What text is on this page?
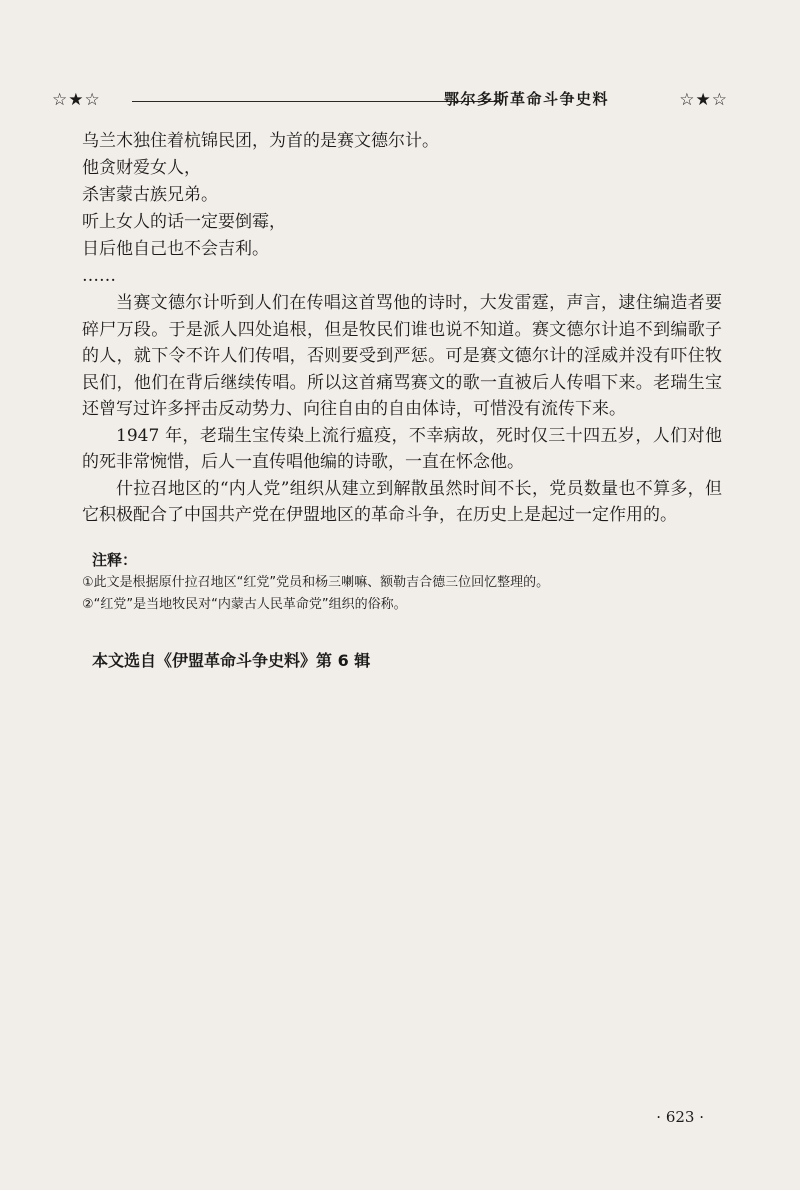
☆★☆	鄂尔多斯革命斗争史料	☆★☆
乌兰木独住着杭锦民团，为首的是赛文德尔计。
他贪财爱女人，
杀害蒙古族兄弟。
听上女人的话一定要倒霉，
日后他自己也不会吉利。
……

当赛文德尔计听到人们在传唱这首骂他的诗时，大发雷霆，声言，逮住编造者要碎尸万段。于是派人四处追根，但是牧民们谁也说不知道。赛文德尔计追不到编歌子的人，就下令不许人们传唱，否则要受到严惩。可是赛文德尔计的淫威并没有吓住牧民们，他们在背后继续传唱。所以这首痛骂赛文的歌一直被后人传唱下来。老瑞生宝还曾写过许多抨击反动势力、向往自由的自由体诗，可惜没有流传下来。

1947 年，老瑞生宝传染上流行瘟疫，不幸病故，死时仅三十四五岁，人们对他的死非常惋惜，后人一直传唱他编的诗歌，一直在怀念他。

什拉召地区的“内人党”组织从建立到解散虽然时间不长，党员数量也不算多，但它积极配合了中国共产党在伊盟地区的革命斗争，在历史上是起过一定作用的。

注释：
①此文是根据原什拉召地区“红党”党员和杨三喇嘛、额勒吉合德三位回忆整理的。
②“红党”是当地牧民对“内蒙古人民革命党”组织的俗称。
本文选自《伊盟革命斗争史料》第 6 辑
· 623 ·
